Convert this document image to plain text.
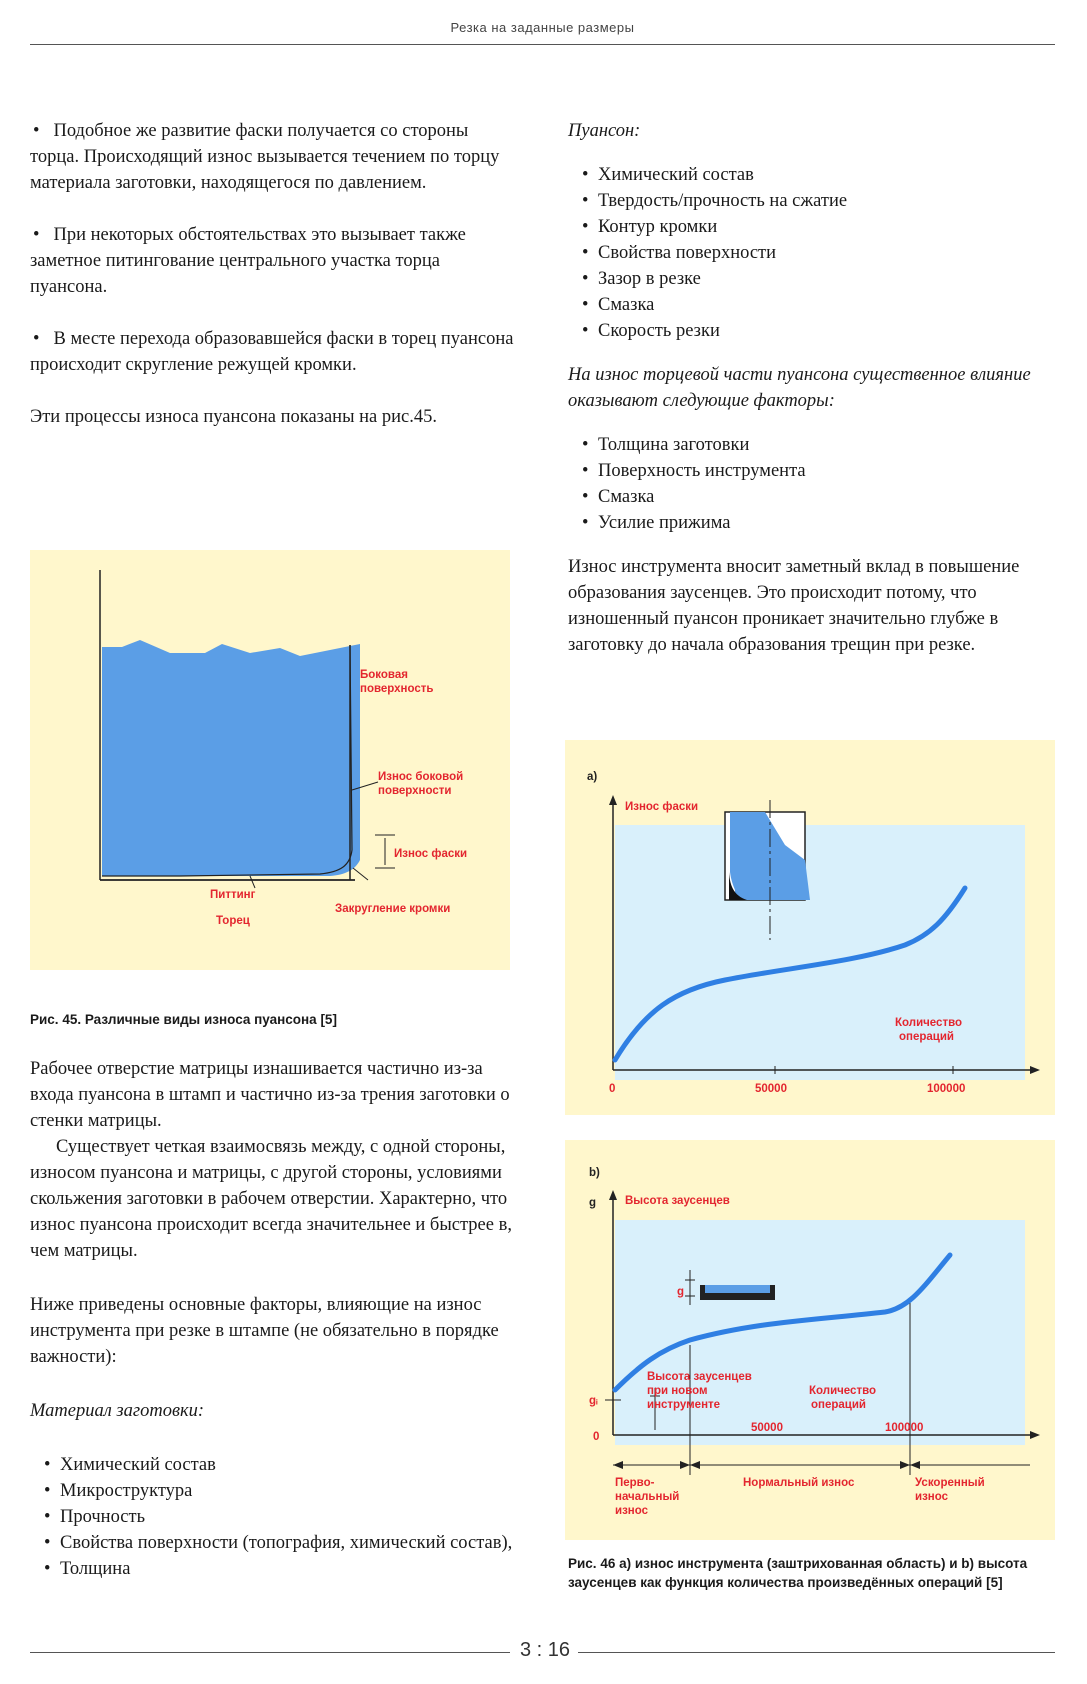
Резка на заданные размеры

• Подобное же развитие фаски получается со стороны торца. Происходящий износ вызывается течением по торцу материала заготовки, находящегося по давлением.

• При некоторых обстоятельствах это вызывает также заметное питингование центрального участка торца пуансона.

• В месте перехода образовавшейся фаски в торец пуансона происходит скругление режущей кромки.

Эти процессы износа пуансона показаны на рис.45.

Боковая
поверхность
Износ боковой
поверхности
Износ фаски
Питтинг
Закругление кромки
Торец
Рис. 45. Различные виды износа пуансона [5]

Рабочее отверстие матрицы изнашивается частично из-за входа пуансона в штамп и частично из-за трения заготовки о стенки матрицы.

Существует четкая взаимосвязь между, с одной стороны, износом пуансона и матрицы, с другой стороны, условиями скольжения заготовки в рабочем отверстии. Характерно, что износ пуансона происходит всегда значительнее и быстрее в, чем матрицы.

Ниже приведены основные факторы, влияющие на износ инструмента при резке в штампе (не обязательно в порядке важности):

Материал заготовки:

• Химический состав
• Микроструктура
• Прочность
• Свойства поверхности (топография, химический состав),
• Толщина

Пуансон:

• Химический состав
• Твердость/прочность на сжатие
• Контур кромки
• Свойства поверхности
• Зазор в резке
• Смазка
• Скорость резки

На износ торцевой части пуансона существенное влияние оказывают следующие факторы:

• Толщина заготовки
• Поверхность инструмента
• Смазка
• Усилие прижима

Износ инструмента вносит заметный вклад в повышение образования заусенцев. Это происходит потому, что изношенный пуансон проникает значительно глубже в заготовку до начала образования трещин при резке.

a)
Износ фаски
Количество
операций
0	50000	100000
b)
g	Высота заусенцев
gᵢ
0
g
Высота заусенцев
при новом
инструменте
Количество
операций
50000	100000
Перво-
начальный
износ
Нормальный износ	Ускоренный
износ
Рис. 46 a) износ инструмента (заштрихованная область) и b) высота заусенцев как функция количества произведённых операций [5]
3 : 16
